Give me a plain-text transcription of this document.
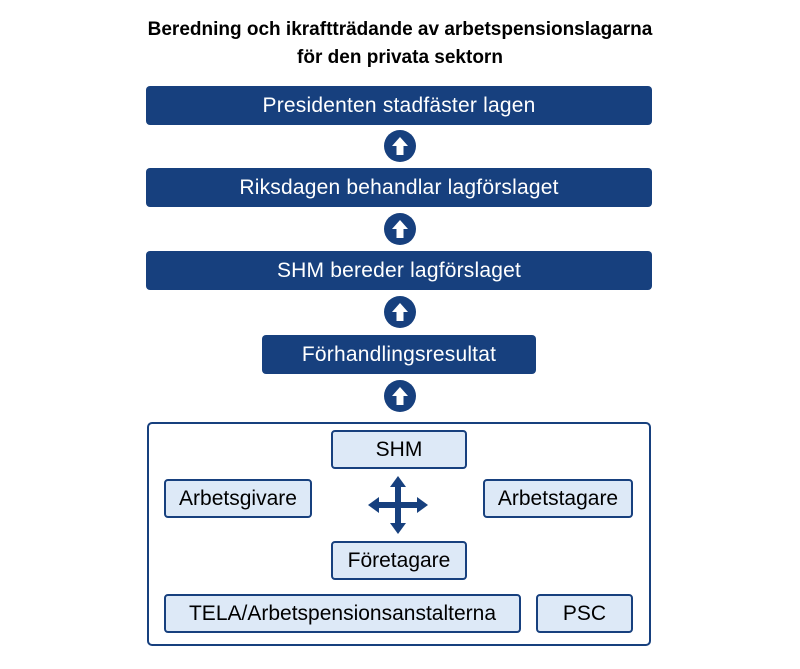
Beredning och ikraftträdande av arbetspensionslagarna
för den privata sektorn
Presidenten stadfäster lagen
Riksdagen behandlar lagförslaget
SHM bereder lagförslaget
Förhandlingsresultat
SHM
Arbetsgivare	Arbetstagare
Företagare
TELA/Arbetspensionsanstalterna	PSC
